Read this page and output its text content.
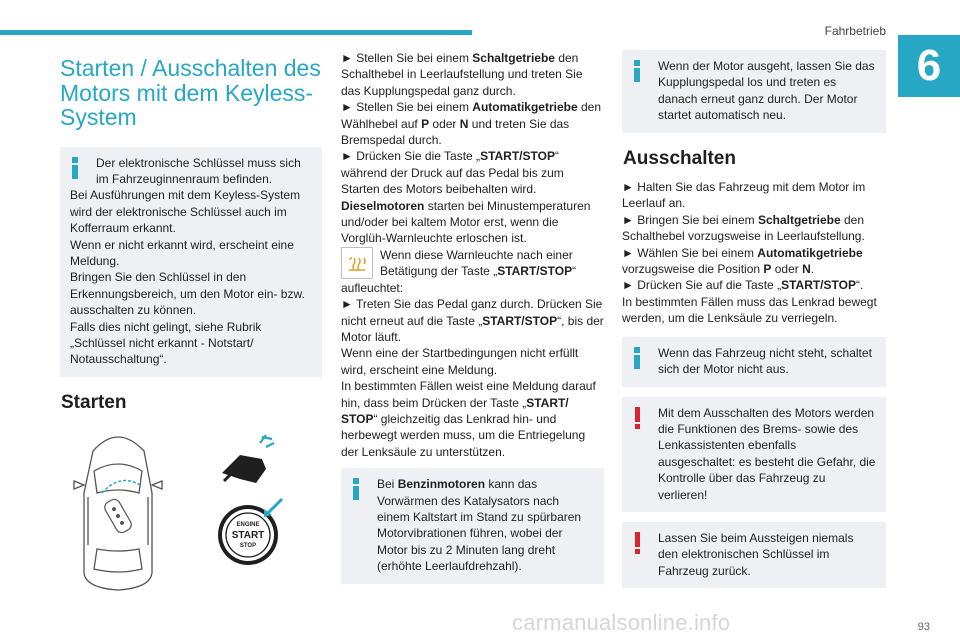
Fahrbetrieb
6
Starten / Ausschalten des Motors mit dem Keyless-System

Der elektronische Schlüssel muss sich im Fahrzeuginnenraum befinden.

Bei Ausführungen mit dem Keyless-System wird der elektronische Schlüssel auch im Kofferraum erkannt.

Wenn er nicht erkannt wird, erscheint eine Meldung.

Bringen Sie den Schlüssel in den Erkennungsbereich, um den Motor ein- bzw. ausschalten zu können.

Falls dies nicht gelingt, siehe Rubrik „Schlüssel nicht erkannt - Notstart/ Notausschaltung“.

Starten
ENGINE
START
STOP

► Stellen Sie bei einem Schaltgetriebe den Schalthebel in Leerlaufstellung und treten Sie das Kupplungspedal ganz durch.

► Stellen Sie bei einem Automatikgetriebe den Wählhebel auf P oder N und treten Sie das Bremspedal durch.

► Drücken Sie die Taste „START/STOP“ während der Druck auf das Pedal bis zum Starten des Motors beibehalten wird.

Dieselmotoren starten bei Minustemperaturen und/oder bei kaltem Motor erst, wenn die Vorglüh-Warnleuchte erloschen ist.

Wenn diese Warnleuchte nach einer Betätigung der Taste „START/STOP“ aufleuchtet:

► Treten Sie das Pedal ganz durch. Drücken Sie nicht erneut auf die Taste „START/STOP“, bis der Motor läuft.

Wenn eine der Startbedingungen nicht erfüllt wird, erscheint eine Meldung.

In bestimmten Fällen weist eine Meldung darauf hin, dass beim Drücken der Taste „START/ STOP“ gleichzeitig das Lenkrad hin- und herbewegt werden muss, um die Entriegelung der Lenksäule zu unterstützen.

Bei Benzinmotoren kann das Vorwärmen des Katalysators nach einem Kaltstart im Stand zu spürbaren Motorvibrationen führen, wobei der Motor bis zu 2 Minuten lang dreht (erhöhte Leerlaufdrehzahl).

Wenn der Motor ausgeht, lassen Sie das Kupplungspedal los und treten es danach erneut ganz durch. Der Motor startet automatisch neu.

Ausschalten

► Halten Sie das Fahrzeug mit dem Motor im Leerlauf an.

► Bringen Sie bei einem Schaltgetriebe den Schalthebel vorzugsweise in Leerlaufstellung.

► Wählen Sie bei einem Automatikgetriebe vorzugsweise die Position P oder N.

► Drücken Sie auf die Taste „START/STOP“.

In bestimmten Fällen muss das Lenkrad bewegt werden, um die Lenksäule zu verriegeln.

Wenn das Fahrzeug nicht steht, schaltet sich der Motor nicht aus.

Mit dem Ausschalten des Motors werden die Funktionen des Brems- sowie des Lenkassistenten ebenfalls ausgeschaltet: es besteht die Gefahr, die Kontrolle über das Fahrzeug zu verlieren!

Lassen Sie beim Aussteigen niemals den elektronischen Schlüssel im Fahrzeug zurück.

carmanualsonline.info	93
